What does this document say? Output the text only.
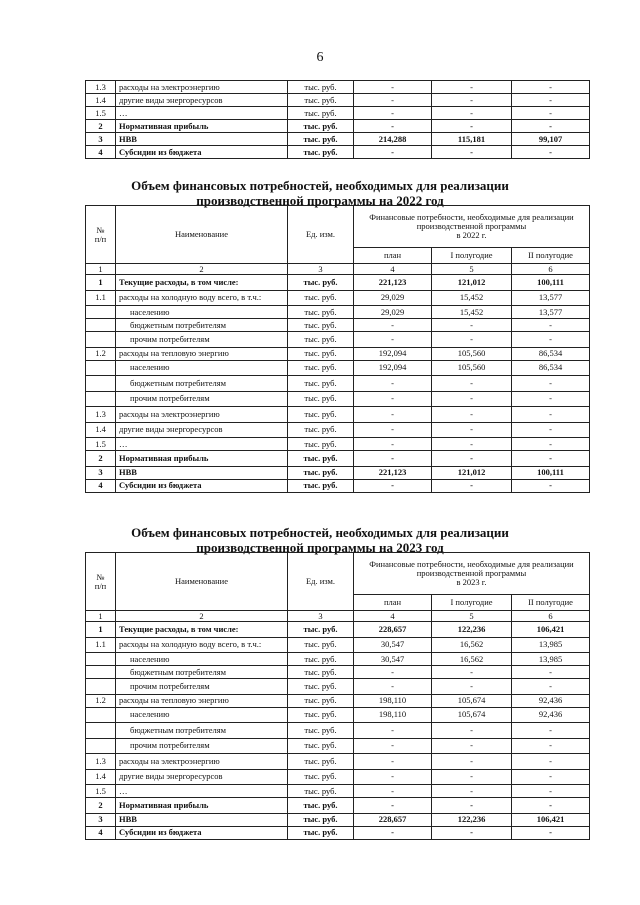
6
1.3	расходы на электроэнергию	тыс. руб.	-	-	-
1.4	другие виды энергоресурсов	тыс. руб.	-	-	-
1.5	…	тыс. руб.	-	-	-
2	Нормативная прибыль	тыс. руб.	-	-	-
3	НВВ	тыс. руб.	214,288	115,181	99,107
4	Субсидии из бюджета	тыс. руб.	-	-	-
Объем финансовых потребностей, необходимых для реализации
производственной программы на 2022 год
№
п/п	Наименование	Ед. изм.	Финансовые потребности, необходимые для реализации производственной программы
в 2022 г.		
			план	I полугодие	II полугодие
1	2	3	4	5	6
1	Текущие расходы, в том числе:	тыс. руб.	221,123	121,012	100,111
1.1	расходы на холодную воду всего, в т.ч.:	тыс. руб.	29,029	15,452	13,577
	населению	тыс. руб.	29,029	15,452	13,577
	бюджетным потребителям	тыс. руб.	-	-	-
	прочим потребителям	тыс. руб.	-	-	-
1.2	расходы на тепловую энергию	тыс. руб.	192,094	105,560	86,534
	населению	тыс. руб.	192,094	105,560	86,534
	бюджетным потребителям	тыс. руб.	-	-	-
	прочим потребителям	тыс. руб.	-	-	-
1.3	расходы на электроэнергию	тыс. руб.	-	-	-
1.4	другие виды энергоресурсов	тыс. руб.	-	-	-
1.5	…	тыс. руб.	-	-	-
2	Нормативная прибыль	тыс. руб.	-	-	-
3	НВВ	тыс. руб.	221,123	121,012	100,111
4	Субсидии из бюджета	тыс. руб.	-	-	-
Объем финансовых потребностей, необходимых для реализации
производственной программы на 2023 год
№
п/п	Наименование	Ед. изм.	Финансовые потребности, необходимые для реализации производственной программы
в 2023 г.		
			план	I полугодие	II полугодие
1	2	3	4	5	6
1	Текущие расходы, в том числе:	тыс. руб.	228,657	122,236	106,421
1.1	расходы на холодную воду всего, в т.ч.:	тыс. руб.	30,547	16,562	13,985
	населению	тыс. руб.	30,547	16,562	13,985
	бюджетным потребителям	тыс. руб.	-	-	-
	прочим потребителям	тыс. руб.	-	-	-
1.2	расходы на тепловую энергию	тыс. руб.	198,110	105,674	92,436
	населению	тыс. руб.	198,110	105,674	92,436
	бюджетным потребителям	тыс. руб.	-	-	-
	прочим потребителям	тыс. руб.	-	-	-
1.3	расходы на электроэнергию	тыс. руб.	-	-	-
1.4	другие виды энергоресурсов	тыс. руб.	-	-	-
1.5	…	тыс. руб.	-	-	-
2	Нормативная прибыль	тыс. руб.	-	-	-
3	НВВ	тыс. руб.	228,657	122,236	106,421
4	Субсидии из бюджета	тыс. руб.	-	-	-
